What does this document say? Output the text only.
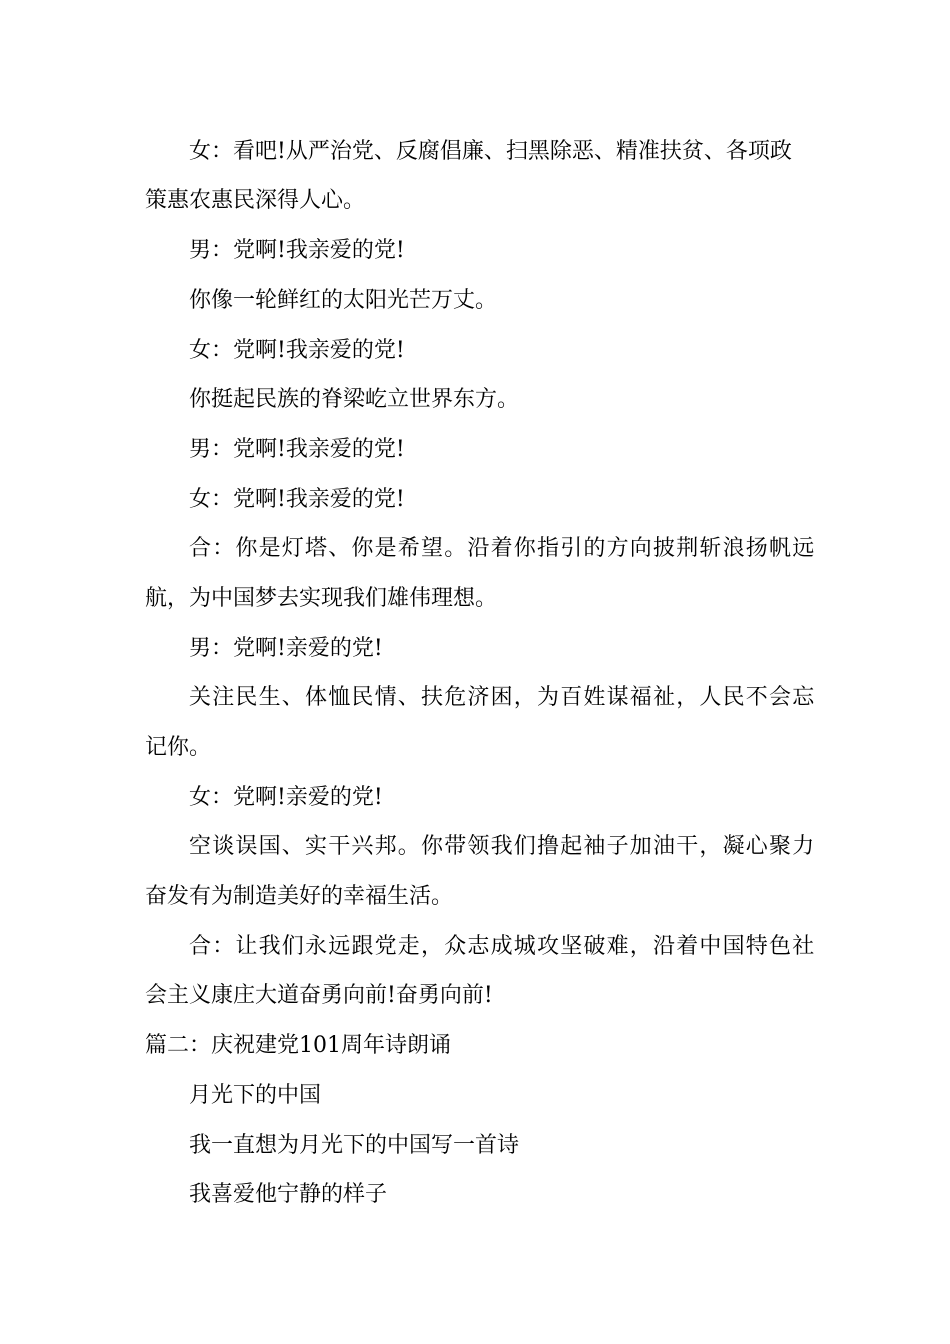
女：看吧!从严治党、反腐倡廉、扫黑除恶、精准扶贫、各项政
策惠农惠民深得人心。
男：党啊!我亲爱的党!
你像一轮鲜红的太阳光芒万丈。
女：党啊!我亲爱的党!
你挺起民族的脊梁屹立世界东方。
男：党啊!我亲爱的党!
女：党啊!我亲爱的党!
合：你是灯塔、你是希望。沿着你指引的方向披荆斩浪扬帆远
航，为中国梦去实现我们雄伟理想。
男：党啊!亲爱的党!
关注民生、体恤民情、扶危济困，为百姓谋福祉，人民不会忘
记你。
女：党啊!亲爱的党!
空谈误国、实干兴邦。你带领我们撸起袖子加油干，凝心聚力
奋发有为制造美好的幸福生活。
合：让我们永远跟党走，众志成城攻坚破难，沿着中国特色社
会主义康庄大道奋勇向前!奋勇向前!
篇二：庆祝建党101周年诗朗诵
月光下的中国
我一直想为月光下的中国写一首诗
我喜爱他宁静的样子
